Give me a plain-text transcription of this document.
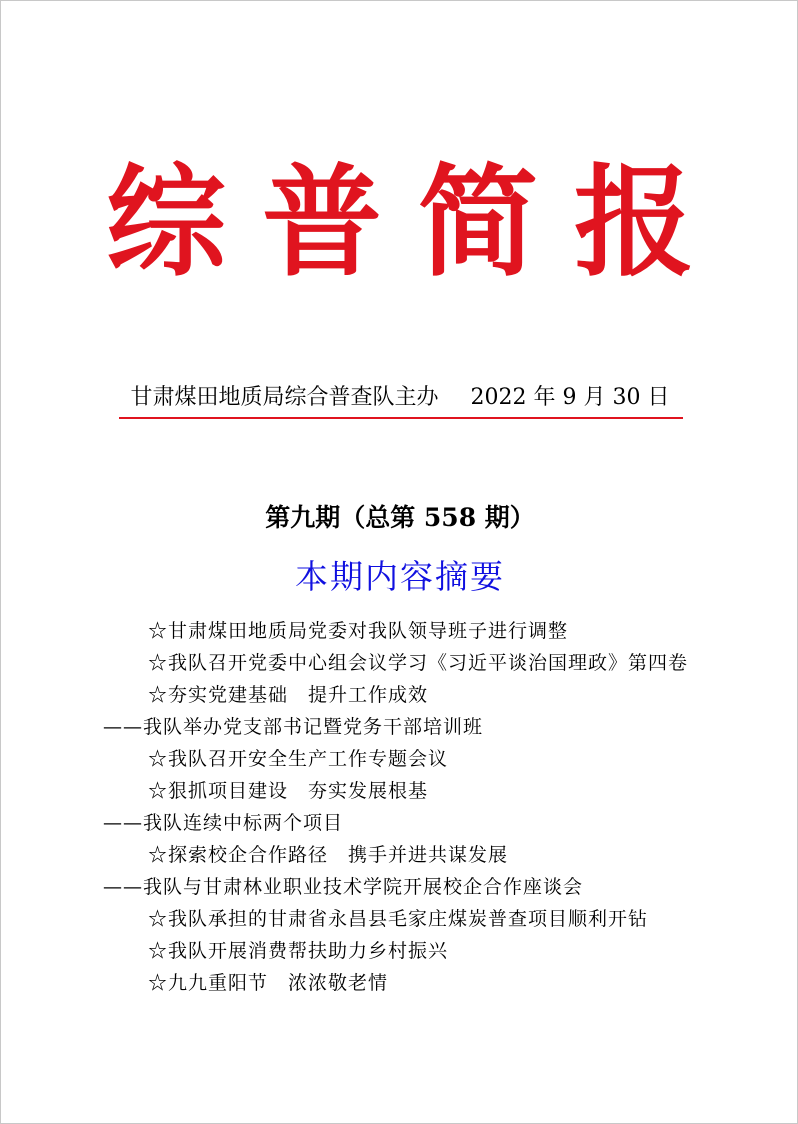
综普简报
甘肃煤田地质局综合普查队主办 2022 年 9 月 30 日
第九期（总第 558 期）
本期内容摘要
☆甘肃煤田地质局党委对我队领导班子进行调整
☆我队召开党委中心组会议学习《习近平谈治国理政》第四卷
☆夯实党建基础　提升工作成效
——我队举办党支部书记暨党务干部培训班
☆我队召开安全生产工作专题会议
☆狠抓项目建设　夯实发展根基
——我队连续中标两个项目
☆探索校企合作路径　携手并进共谋发展
——我队与甘肃林业职业技术学院开展校企合作座谈会
☆我队承担的甘肃省永昌县毛家庄煤炭普查项目顺利开钻
☆我队开展消费帮扶助力乡村振兴
☆九九重阳节　浓浓敬老情
